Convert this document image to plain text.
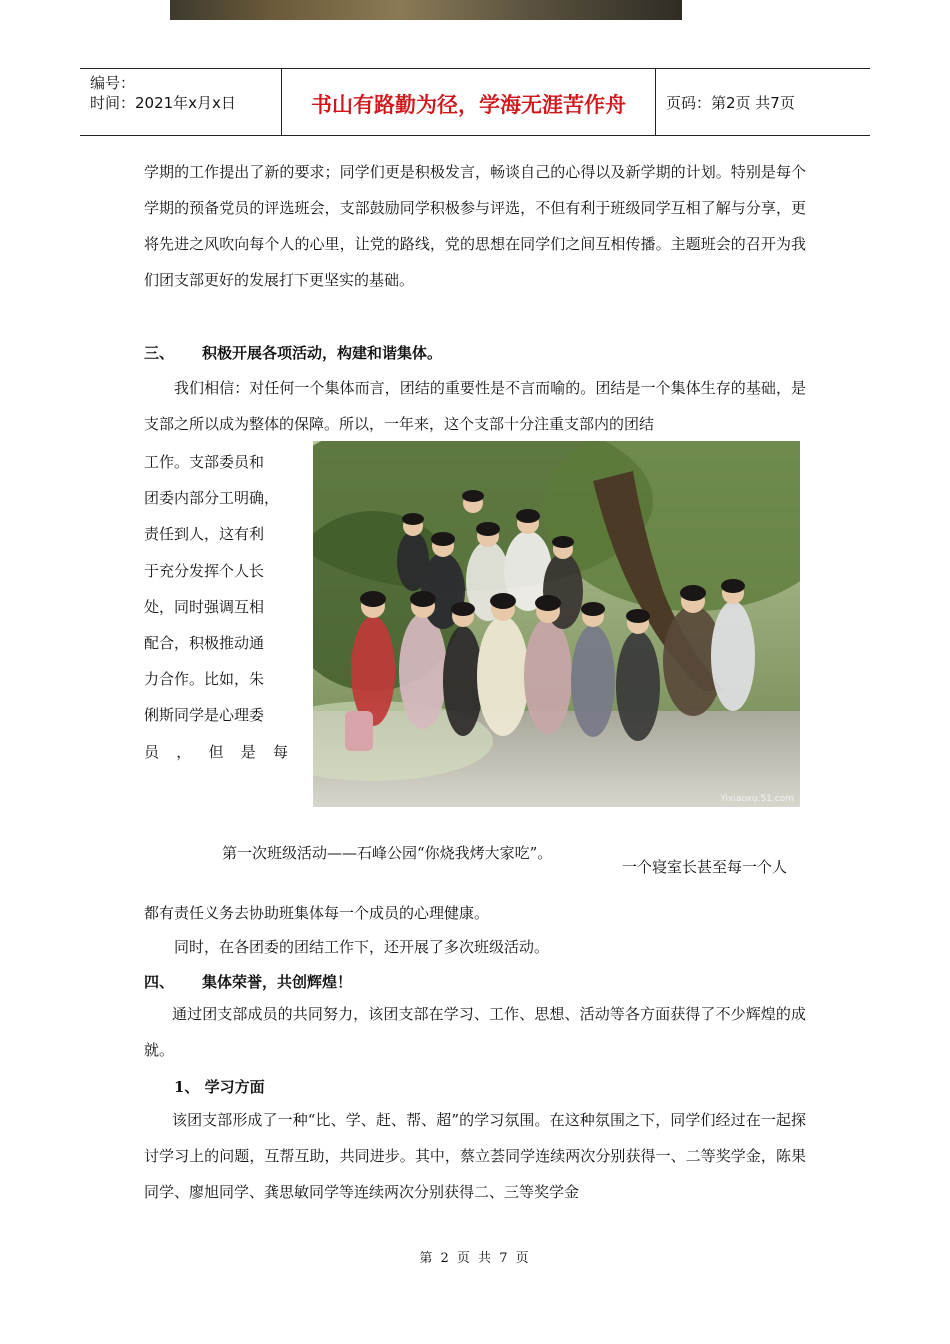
编号：
时间：2021年x月x日	书山有路勤为径，学海无涯苦作舟	页码：第2页 共7页
学期的工作提出了新的要求；同学们更是积极发言，畅谈自己的心得以及新学期的计划。特别是每个学期的预备党员的评选班会，支部鼓励同学积极参与评选，不但有利于班级同学互相了解与分享，更将先进之风吹向每个人的心里，让党的路线，党的思想在同学们之间互相传播。主题班会的召开为我们团支部更好的发展打下更坚实的基础。
三、 积极开展各项活动，构建和谐集体。
我们相信：对任何一个集体而言，团结的重要性是不言而喻的。团结是一个集体生存的基础，是支部之所以成为整体的保障。所以，一年来，这个支部十分注重支部内的团结
工作。支部委员和
团委内部分工明确，
责任到人，这有利
于充分发挥个人长
处，同时强调互相
配合，积极推动通
力合作。比如，朱
俐斯同学是心理委
员 ， 但 是 每
Yixiaoxu.51.com
第一次班级活动——石峰公园“你烧我烤大家吃”。
一个寝室长甚至每一个人
都有责任义务去协助班集体每一个成员的心理健康。
同时，在各团委的团结工作下，还开展了多次班级活动。
四、 集体荣誉，共创辉煌！
通过团支部成员的共同努力，该团支部在学习、工作、思想、活动等各方面获得了不少辉煌的成就。
1、 学习方面
该团支部形成了一种“比、学、赶、帮、超”的学习氛围。在这种氛围之下，同学们经过在一起探讨学习上的问题，互帮互助，共同进步。其中，蔡立荟同学连续两次分别获得一、二等奖学金，陈果同学、廖旭同学、龚思敏同学等连续两次分别获得二、三等奖学金
第 2 页 共 7 页
